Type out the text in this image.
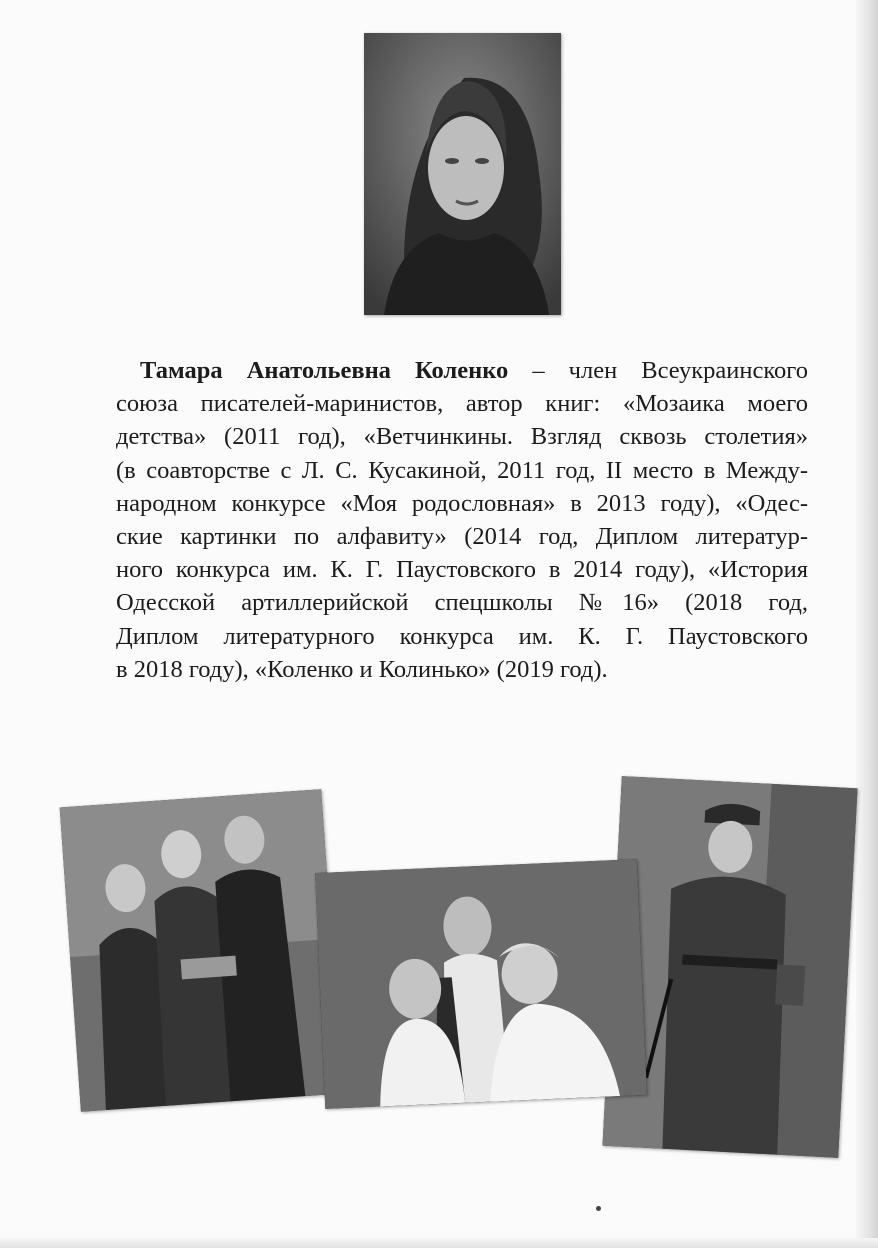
Тамара Анатольевна Коленко – член Всеукраинского
союза писателей-маринистов, автор книг: «Мозаика моего
детства» (2011 год), «Ветчинкины. Взгляд сквозь столетия»
(в соавторстве с Л. С. Кусакиной, 2011 год, II место в Между-
народном конкурсе «Моя родословная» в 2013 году), «Одес-
ские картинки по алфавиту» (2014 год, Диплом литератур-
ного конкурса им. К. Г. Паустовского в 2014 году), «История
Одесской артиллерийской спецшколы №16» (2018 год,
Диплом литературного конкурса им. К. Г. Паустовского
в 2018 году), «Коленко и Колинько» (2019 год).
